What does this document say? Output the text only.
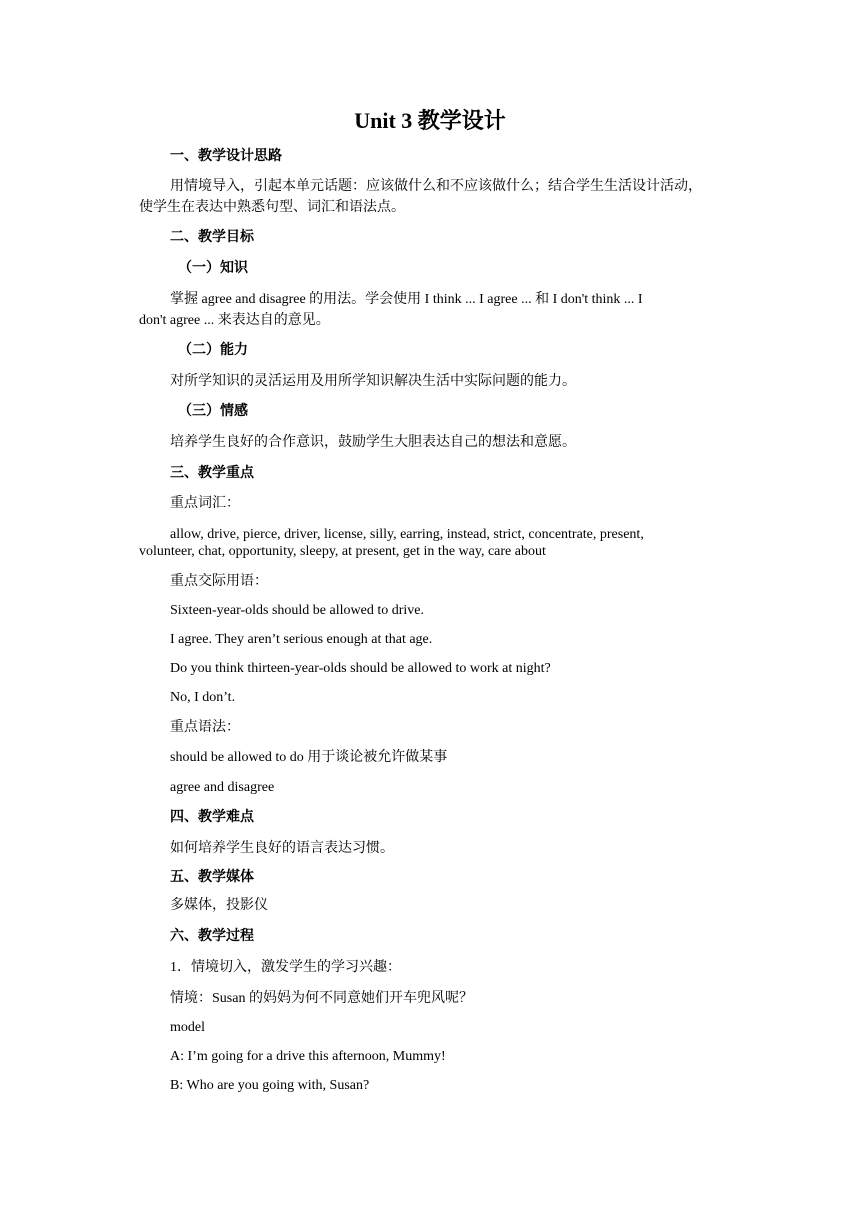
Unit 3 教学设计
一、教学设计思路
用情境导入，引起本单元话题：应该做什么和不应该做什么；结合学生生活设计活动，
使学生在表达中熟悉句型、词汇和语法点。
二、教学目标
（一）知识
掌握 agree and disagree 的用法。学会使用 I think ... I agree ... 和 I don't think ... I
don't agree ... 来表达自的意见。
（二）能力
对所学知识的灵活运用及用所学知识解决生活中实际问题的能力。
（三）情感
培养学生良好的合作意识，鼓励学生大胆表达自己的想法和意愿。
三、教学重点
重点词汇：
allow, drive, pierce, driver, license, silly, earring, instead, strict, concentrate, present,
volunteer, chat, opportunity, sleepy, at present, get in the way, care about
重点交际用语：
Sixteen-year-olds should be allowed to drive.
I agree. They aren’t serious enough at that age.
Do you think thirteen-year-olds should be allowed to work at night?
No, I don’t.
重点语法：
should be allowed to do 用于谈论被允许做某事
agree and disagree
四、教学难点
如何培养学生良好的语言表达习惯。
五、教学媒体
多媒体，投影仪
六、教学过程
1．情境切入，激发学生的学习兴趣：
情境：Susan 的妈妈为何不同意她们开车兜风呢？
model
A: I’m going for a drive this afternoon, Mummy!
B: Who are you going with, Susan?
